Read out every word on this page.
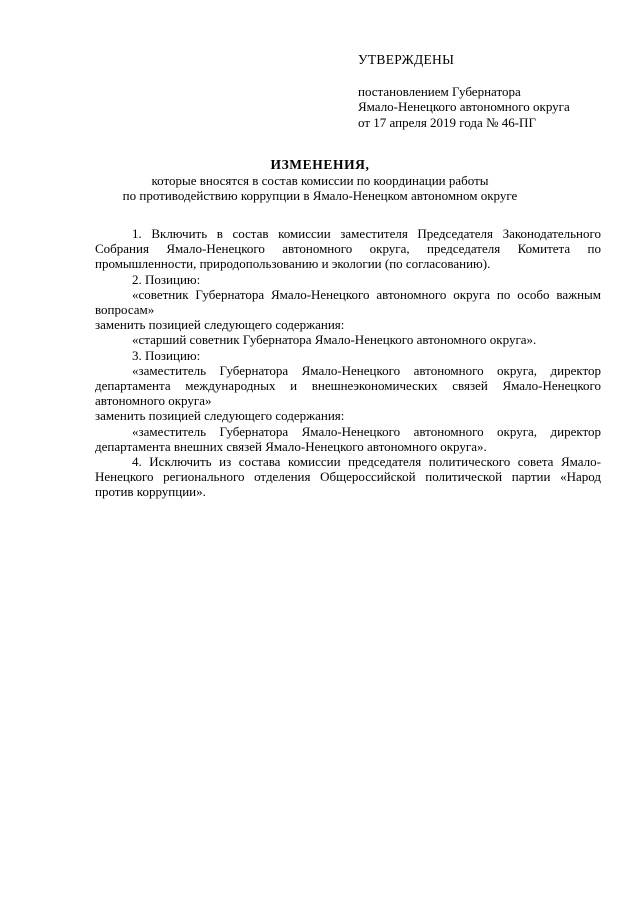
УТВЕРЖДЕНЫ
постановлением Губернатора
Ямало-Ненецкого автономного округа
от 17 апреля 2019 года № 46-ПГ
ИЗМЕНЕНИЯ,
которые вносятся в состав комиссии по координации работы
по противодействию коррупции в Ямало-Ненецком автономном округе

1. Включить в состав комиссии заместителя Председателя Законодательного Собрания Ямало-Ненецкого автономного округа, председателя Комитета по промышленности, природопользованию и экологии (по согласованию).

2. Позицию:

«советник Губернатора Ямало-Ненецкого автономного округа по особо важным вопросам»

заменить позицией следующего содержания:

«старший советник Губернатора Ямало-Ненецкого автономного округа».

3. Позицию:

«заместитель Губернатора Ямало-Ненецкого автономного округа, директор департамента международных и внешнеэкономических связей Ямало-Ненецкого автономного округа»

заменить позицией следующего содержания:

«заместитель Губернатора Ямало-Ненецкого автономного округа, директор департамента внешних связей Ямало-Ненецкого автономного округа».

4. Исключить из состава комиссии председателя политического совета Ямало-Ненецкого регионального отделения Общероссийской политической партии «Народ против коррупции».
